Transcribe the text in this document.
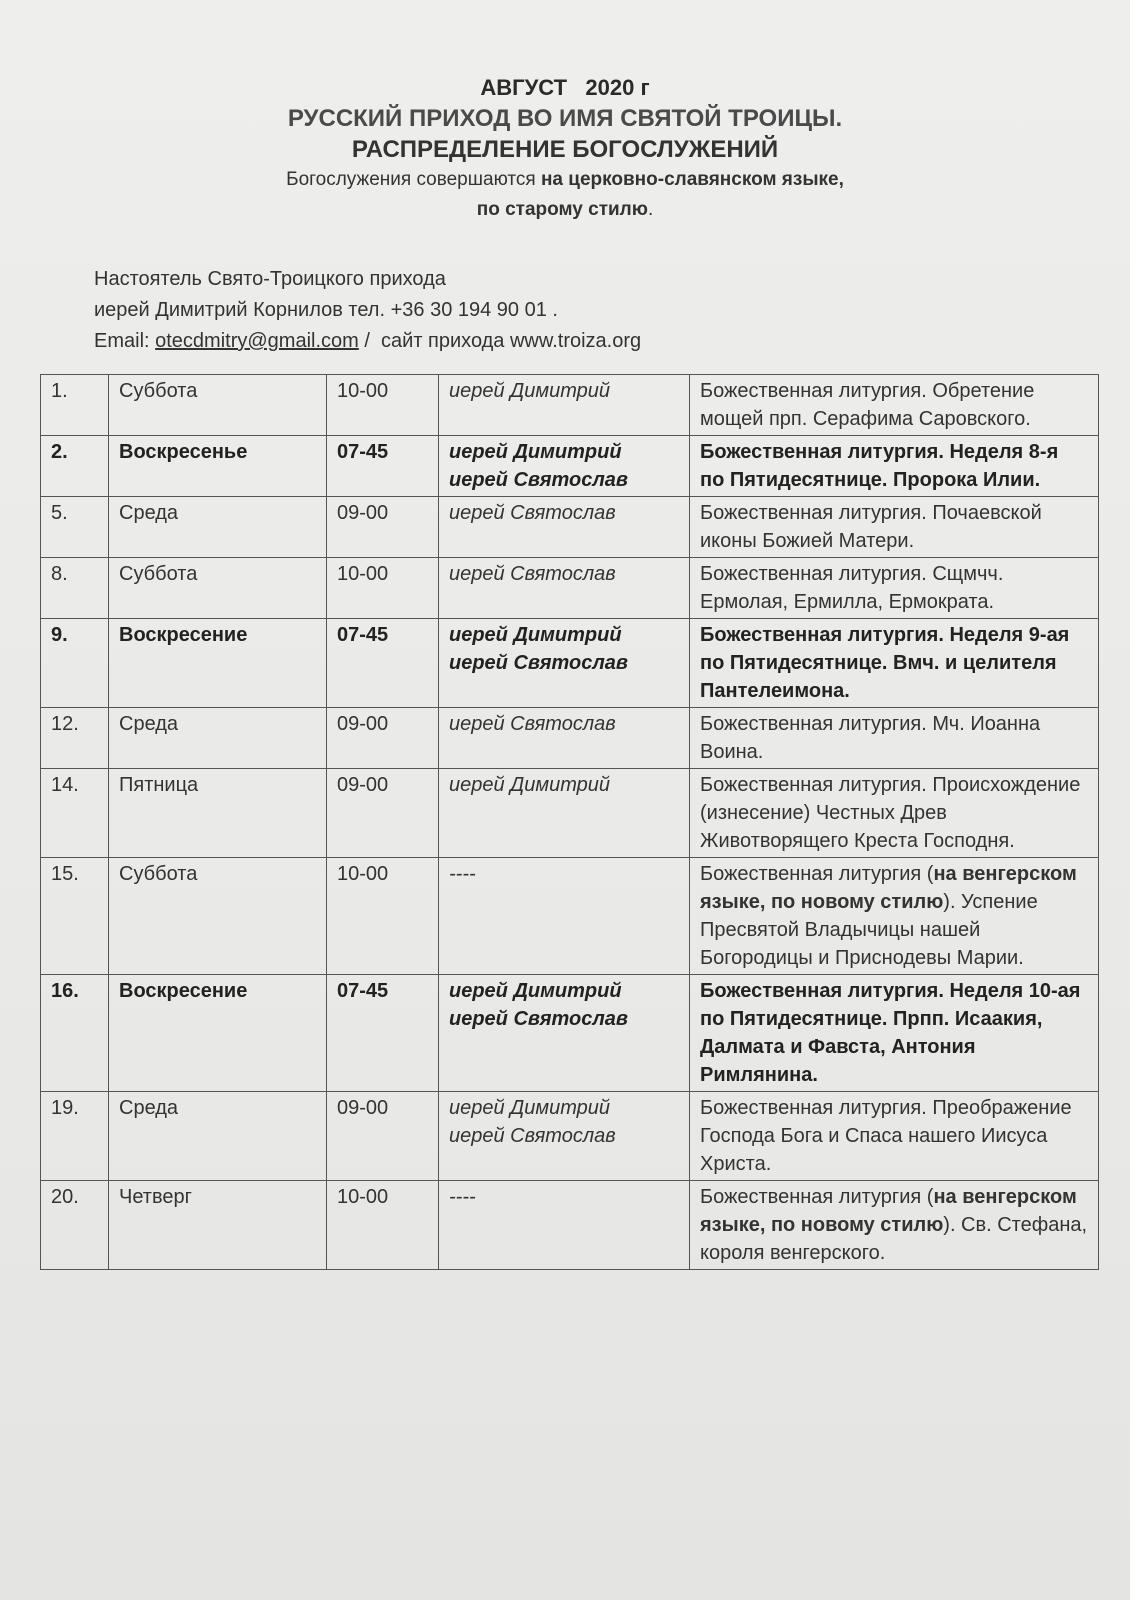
АВГУСТ   2020 г
РУССКИЙ ПРИХОД ВО ИМЯ СВЯТОЙ ТРОИЦЫ.
РАСПРЕДЕЛЕНИЕ БОГОСЛУЖЕНИЙ
Богослужения совершаются на церковно-славянском языке,
по старому стилю.
Настоятель Свято-Троицкого прихода
иерей Димитрий Корнилов тел. +36 30 194 90 01 .
Email: otecdmitry@gmail.com /  сайт прихода www.troiza.org
1.	Суббота	10-00	иерей Димитрий	Божественная литургия. Обретение мощей прп. Серафима Саровского.
2.	Воскресенье	07-45	иерей Димитрий
иерей Святослав	Божественная литургия. Неделя 8-я по Пятидесятнице. Пророка Илии.
5.	Среда	09-00	иерей Святослав	Божественная литургия. Почаевской иконы Божией Матери.
8.	Суббота	10-00	иерей Святослав	Божественная литургия. Сщмчч. Ермолая, Ермилла, Ермократа.
9.	Воскресение	07-45	иерей Димитрий
иерей Святослав	Божественная литургия. Неделя 9-ая по Пятидесятнице. Вмч. и целителя Пантелеимона.
12.	Среда	09-00	иерей Святослав	Божественная литургия. Мч. Иоанна Воина.
14.	Пятница	09-00	иерей Димитрий	Божественная литургия. Происхождение (изнесение) Честных Древ Животворящего Креста Господня.
15.	Суббота	10-00	----	Божественная литургия (на венгерском языке, по новому стилю). Успение Пресвятой Владычицы нашей Богородицы и Приснодевы Марии.
16.	Воскресение	07-45	иерей Димитрий
иерей Святослав	Божественная литургия. Неделя 10-ая по Пятидесятнице. Прпп. Исаакия, Далмата и Фавста, Антония Римлянина.
19.	Среда	09-00	иерей Димитрий
иерей Святослав	Божественная литургия. Преображение Господа Бога и Спаса нашего Иисуса Христа.
20.	Четверг	10-00	----	Божественная литургия (на венгерском языке, по новому стилю). Св. Стефана, короля венгерского.
